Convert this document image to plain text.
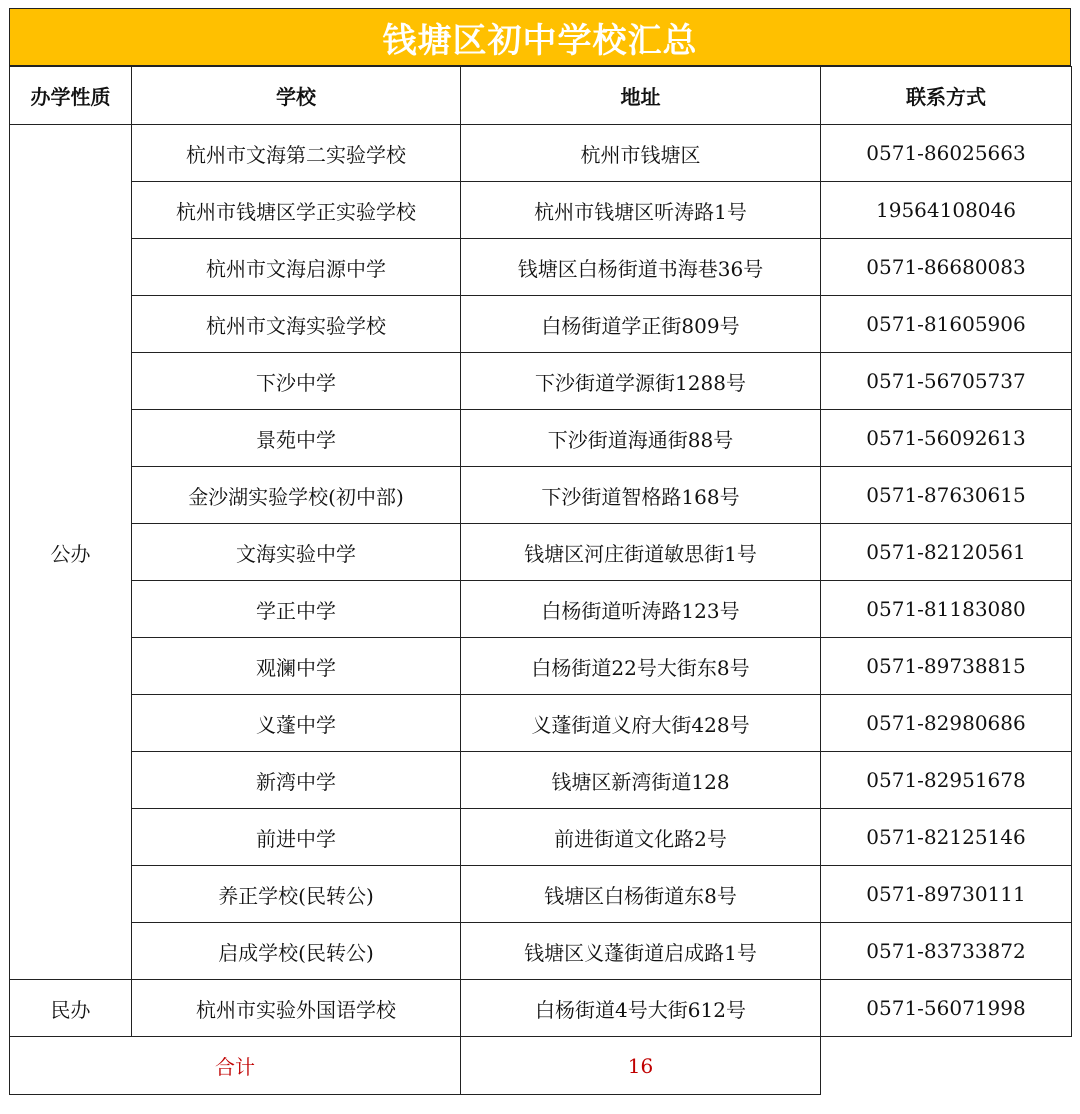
钱塘区初中学校汇总
办学性质	学校	地址	联系方式
公办	杭州市文海第二实验学校	杭州市钱塘区	0571-86025663
	杭州市钱塘区学正实验学校	杭州市钱塘区听涛路1号	19564108046
	杭州市文海启源中学	钱塘区白杨街道书海巷36号	0571-86680083
	杭州市文海实验学校	白杨街道学正街809号	0571-81605906
	下沙中学	下沙街道学源街1288号	0571-56705737
	景苑中学	下沙街道海通街88号	0571-56092613
	金沙湖实验学校(初中部)	下沙街道智格路168号	0571-87630615
	文海实验中学	钱塘区河庄街道敏思街1号	0571-82120561
	学正中学	白杨街道听涛路123号	0571-81183080
	观澜中学	白杨街道22号大街东8号	0571-89738815
	义蓬中学	义蓬街道义府大街428号	0571-82980686
	新湾中学	钱塘区新湾街道128	0571-82951678
	前进中学	前进街道文化路2号	0571-82125146
	养正学校(民转公)	钱塘区白杨街道东8号	0571-89730111
	启成学校(民转公)	钱塘区义蓬街道启成路1号	0571-83733872
民办	杭州市实验外国语学校	白杨街道4号大街612号	0571-56071998
合计		16	
